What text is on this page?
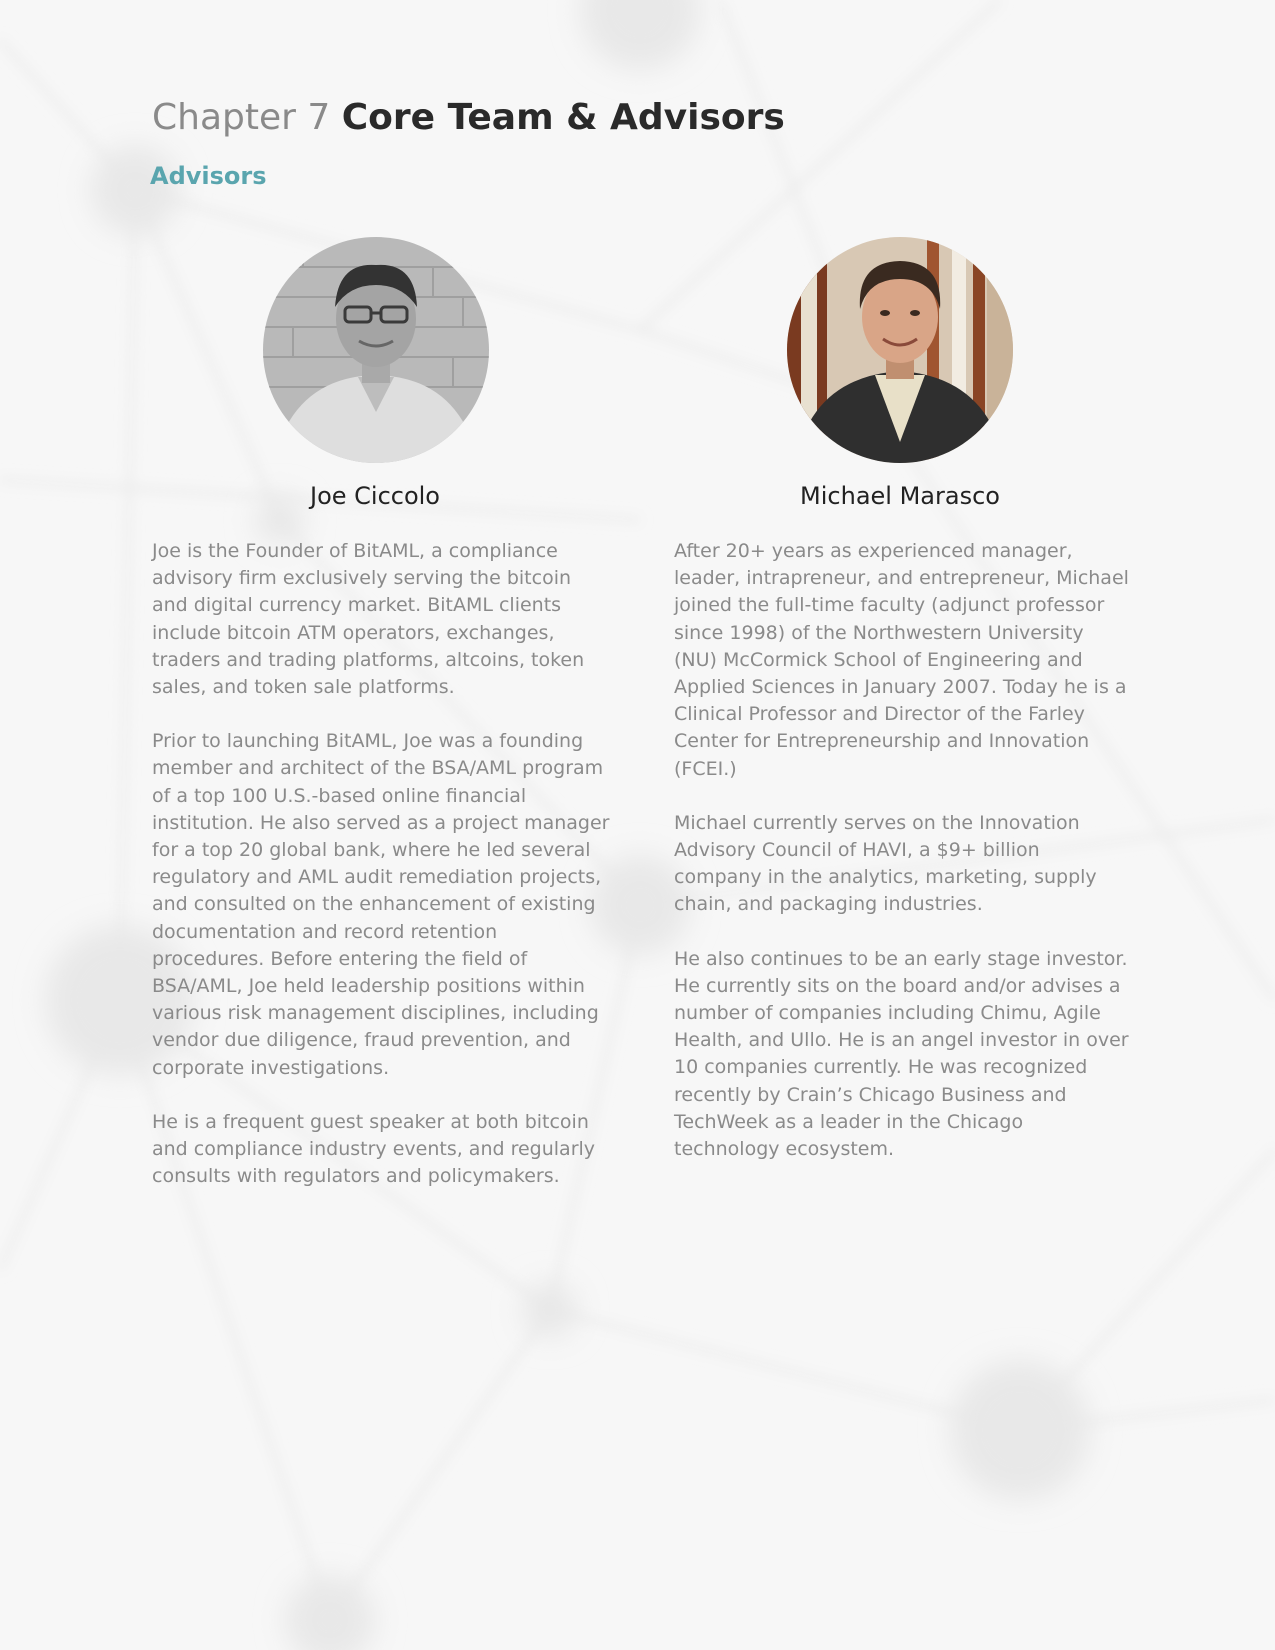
Chapter 7 Core Team & Advisors
Advisors
Joe Ciccolo

Joe is the Founder of BitAML, a compliance advisory firm exclusively serving the bitcoin and digital currency market. BitAML clients include bitcoin ATM operators, exchanges, traders and trading platforms, altcoins, token sales, and token sale platforms.

Prior to launching BitAML, Joe was a founding member and architect of the BSA/AML program of a top 100 U.S.-based online financial institution. He also served as a project manager for a top 20 global bank, where he led several regulatory and AML audit remediation projects, and consulted on the enhancement of existing documentation and record retention procedures. Before entering the field of BSA/AML, Joe held leadership positions within various risk management disciplines, including vendor due diligence, fraud prevention, and corporate investigations.

He is a frequent guest speaker at both bitcoin and compliance industry events, and regularly consults with regulators and policymakers.

Michael Marasco

After 20+ years as experienced manager, leader, intrapreneur, and entrepreneur, Michael joined the full-time faculty (adjunct professor since 1998) of the Northwestern University (NU) McCormick School of Engineering and Applied Sciences in January 2007. Today he is a Clinical Professor and Director of the Farley Center for Entrepreneurship and Innovation (FCEI.)

Michael currently serves on the Innovation Advisory Council of HAVI, a $9+ billion company in the analytics, marketing, supply chain, and packaging industries.

He also continues to be an early stage investor. He currently sits on the board and/or advises a number of companies including Chimu, Agile Health, and Ullo. He is an angel investor in over 10 companies currently. He was recognized recently by Crain’s Chicago Business and TechWeek as a leader in the Chicago technology ecosystem.
